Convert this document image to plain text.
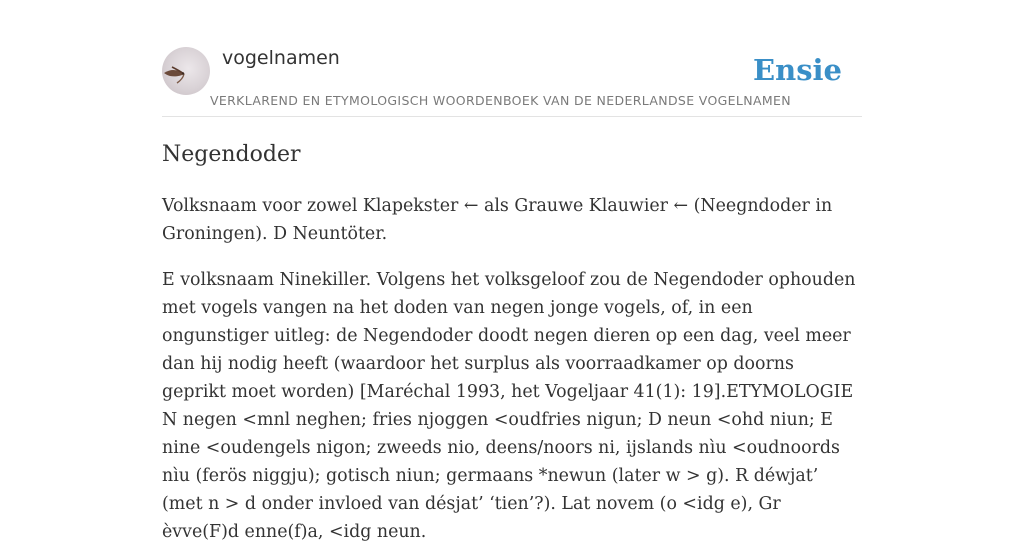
vogelnamen
VERKLAREND EN ETYMOLOGISCH WOORDENBOEK VAN DE NEDERLANDSE VOGELNAMEN
Ensie
Negendoder

Volksnaam voor zowel Klapekster ← als Grauwe Klauwier ← (Neegndoder in Groningen). D Neuntöter.

E volksnaam Ninekiller. Volgens het volksgeloof zou de Negendoder ophouden met vogels vangen na het doden van negen jonge vogels, of, in een ongunstiger uitleg: de Negendoder doodt negen dieren op een dag, veel meer dan hij nodig heeft (waardoor het surplus als voorraadkamer op doorns geprikt moet worden) [Maréchal 1993, het Vogeljaar 41(1): 19].ETYMOLOGIE N negen <mnl neghen; fries njoggen <oudfries nigun; D neun <ohd niun; E nine <oudengels nigon; zweeds nio, deens/noors ni, ijslands nìu <oudnoords nìu (ferös niggju); gotisch niun; germaans *newun (later w > g). R déwjat’ (met n > d onder invloed van désjat’ ‘tien’?). Lat novem (o <idg e), Gr èvve(F)d enne(f)a, <idg neun.
